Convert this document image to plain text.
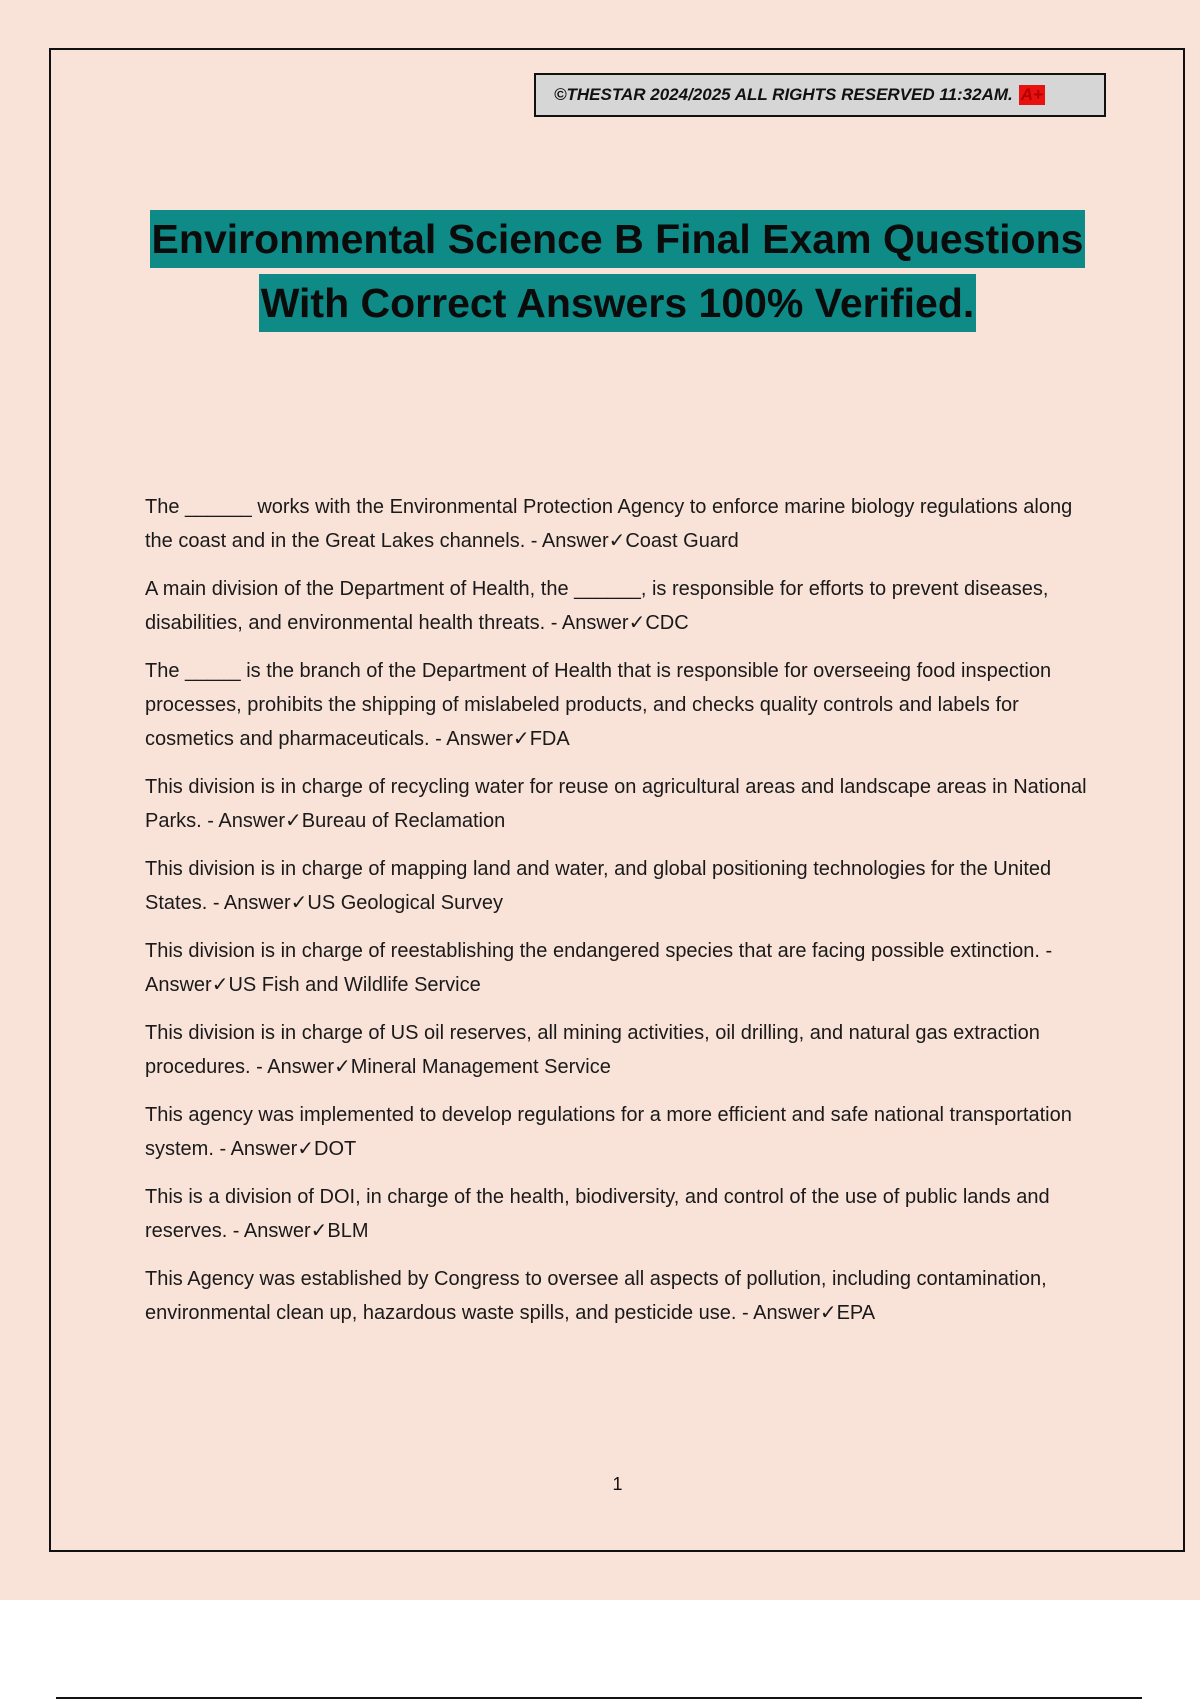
©THESTAR 2024/2025 ALL RIGHTS RESERVED 11:32AM. A+
Environmental Science B Final Exam Questions
With Correct Answers 100% Verified.
The ______ works with the Environmental Protection Agency to enforce marine biology regulations along the coast and in the Great Lakes channels. - Answer✓Coast Guard
A main division of the Department of Health, the ______, is responsible for efforts to prevent diseases, disabilities, and environmental health threats. - Answer✓CDC
The _____ is the branch of the Department of Health that is responsible for overseeing food inspection processes, prohibits the shipping of mislabeled products, and checks quality controls and labels for cosmetics and pharmaceuticals. - Answer✓FDA
This division is in charge of recycling water for reuse on agricultural areas and landscape areas in National Parks. - Answer✓Bureau of Reclamation
This division is in charge of mapping land and water, and global positioning technologies for the United States. - Answer✓US Geological Survey
This division is in charge of reestablishing the endangered species that are facing possible extinction. - Answer✓US Fish and Wildlife Service
This division is in charge of US oil reserves, all mining activities, oil drilling, and natural gas extraction procedures. - Answer✓Mineral Management Service
This agency was implemented to develop regulations for a more efficient and safe national transportation system. - Answer✓DOT
This is a division of DOI, in charge of the health, biodiversity, and control of the use of public lands and reserves. - Answer✓BLM
This Agency was established by Congress to oversee all aspects of pollution, including contamination, environmental clean up, hazardous waste spills, and pesticide use. - Answer✓EPA
1
